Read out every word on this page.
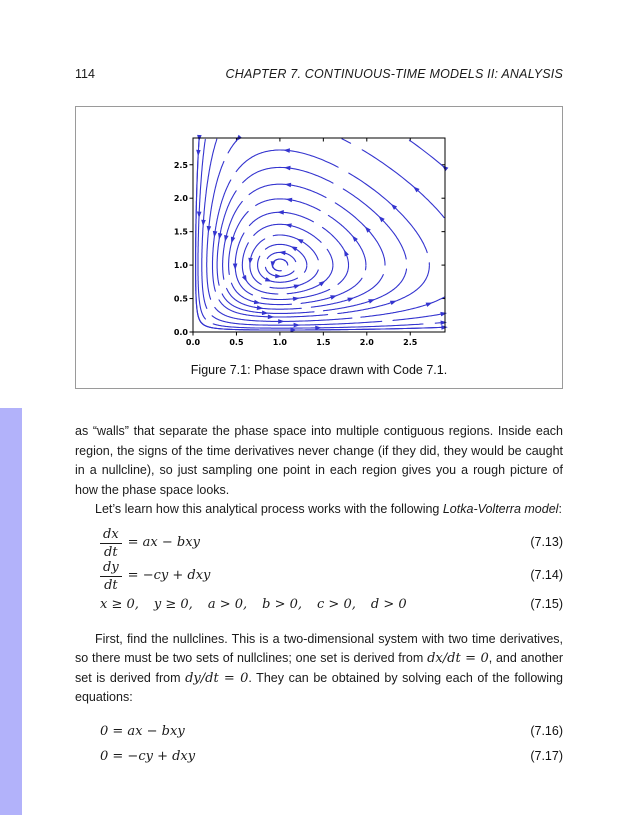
114	CHAPTER 7. CONTINUOUS-TIME MODELS II: ANALYSIS
0.0
0.0
0.5
0.5
1.0
1.0
1.5
1.5
2.0
2.0
2.5
2.5
Figure 7.1: Phase space drawn with Code 7.1.

as “walls” that separate the phase space into multiple contiguous regions. Inside each region, the signs of the time derivatives never change (if they did, they would be caught in a nullcline), so just sampling one point in each region gives you a rough picture of how the phase space looks.

Let’s learn how this analytical process works with the following Lotka-Volterra model:

$\frac{dx}{dt}$ = ax − bxy	(7.13)
$\frac{dy}{dt} = -cy$ + dxy	(7.14)
x ≥ 0, y ≥ 0, a > 0, b > 0, c > 0, d > 0	(7.15)

First, find the nullclines. This is a two-dimensional system with two time derivatives, so there must be two sets of nullclines; one set is derived from dx/dt = 0, and another set is derived from dy/dt = 0. They can be obtained by solving each of the following equations:

0 = ax − bxy	(7.16)
0 = −cy + dxy	(7.17)
